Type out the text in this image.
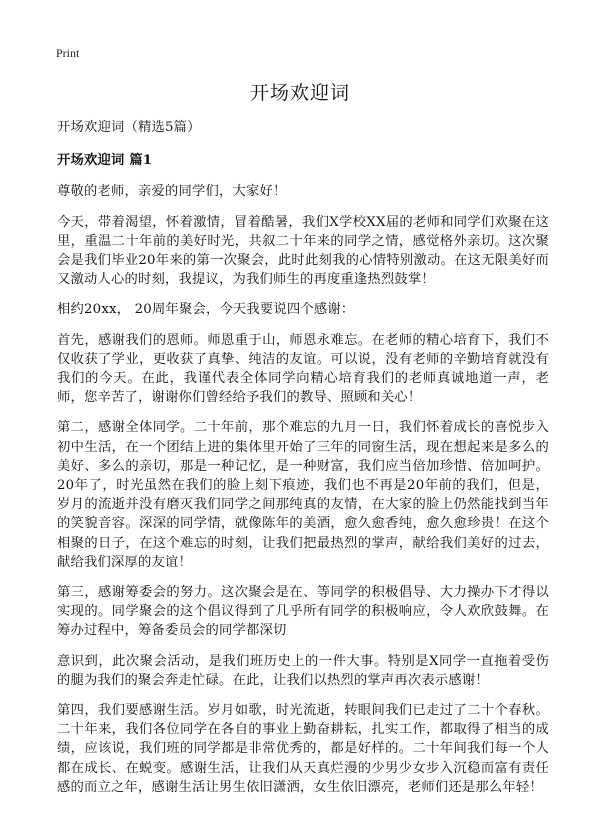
Print
开场欢迎词

开场欢迎词（精选5篇）

开场欢迎词 篇1

尊敬的老师，亲爱的同学们，大家好！

今天，带着渴望，怀着激情，冒着酷暑，我们X学校XX届的老师和同学们欢聚在这里，重温二十年前的美好时光，共叙二十年来的同学之情，感觉格外亲切。这次聚会是我们毕业20年来的第一次聚会，此时此刻我的心情特别激动。在这无限美好而又激动人心的时刻，我提议，为我们师生的再度重逢热烈鼓掌！

相约20xx， 20周年聚会，今天我要说四个感谢：

首先，感谢我们的恩师。师恩重于山，师恩永难忘。在老师的精心培育下，我们不仅收获了学业，更收获了真挚、纯洁的友谊。可以说，没有老师的辛勤培育就没有我们的今天。在此，我谨代表全体同学向精心培育我们的老师真诚地道一声，老师，您辛苦了，谢谢你们曾经给予我们的教导、照顾和关心！

第二，感谢全体同学。二十年前，那个难忘的九月一日，我们怀着成长的喜悦步入初中生活，在一个团结上进的集体里开始了三年的同窗生活，现在想起来是多么的美好、多么的亲切，那是一种记忆，是一种财富，我们应当倍加珍惜、倍加呵护。20年了，时光虽然在我们的脸上刻下痕迹，我们也不再是20年前的我们，但是，岁月的流逝并没有磨灭我们同学之间那纯真的友情，在大家的脸上仍然能找到当年的笑貌音容。深深的同学情，就像陈年的美酒，愈久愈香纯，愈久愈珍贵！在这个相聚的日子，在这个难忘的时刻，让我们把最热烈的掌声，献给我们美好的过去，献给我们深厚的友谊！

第三，感谢筹委会的努力。这次聚会是在、等同学的积极倡导、大力操办下才得以实现的。同学聚会的这个倡议得到了几乎所有同学的积极响应，令人欢欣鼓舞。在筹办过程中，筹备委员会的同学都深切

意识到，此次聚会活动，是我们班历史上的一件大事。特别是X同学一直拖着受伤的腿为我们的聚会奔走忙碌。在此，让我们以热烈的掌声再次表示感谢！

第四，我们要感谢生活。岁月如歌，时光流逝，转眼间我们已走过了二十个春秋。二十年来，我们各位同学在各自的事业上勤奋耕耘，扎实工作，都取得了相当的成绩，应该说，我们班的同学都是非常优秀的，都是好样的。二十年间我们每一个人都在成长、在蜕变。感谢生活，让我们从天真烂漫的少男少女步入沉稳而富有责任感的而立之年，感谢生活让男生依旧潇洒，女生依旧漂亮，老师们还是那么年轻！
